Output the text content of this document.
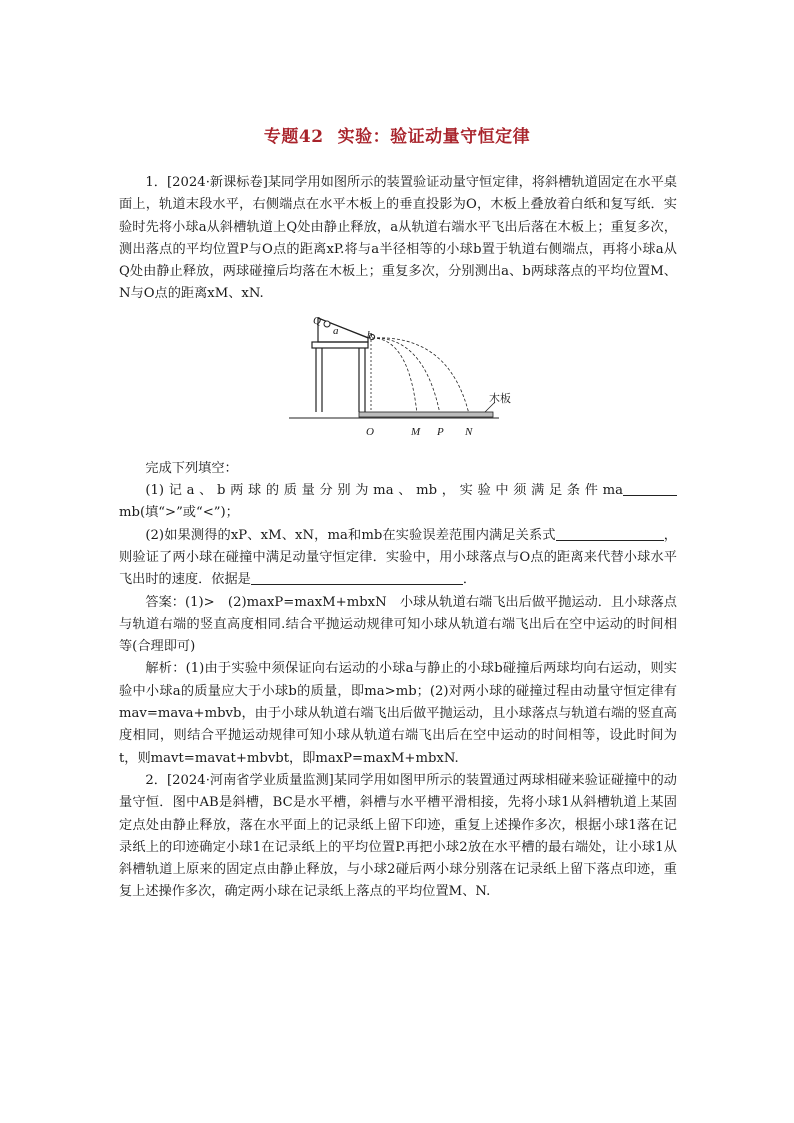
专题42 实验：验证动量守恒定律

1．[2024·新课标卷]某同学用如图所示的装置验证动量守恒定律，将斜槽轨道固定在水平桌面上，轨道末段水平，右侧端点在水平木板上的垂直投影为O，木板上叠放着白纸和复写纸．实验时先将小球a从斜槽轨道上Q处由静止释放，a从轨道右端水平飞出后落在木板上；重复多次，测出落点的平均位置P与O点的距离xP.将与a半径相等的小球b置于轨道右侧端点，再将小球a从Q处由静止释放，两球碰撞后均落在木板上；重复多次，分别测出a、b两球落点的平均位置M、N与O点的距离xM、xN.

Q
a	b
O	M P N
木板

完成下列填空：

(1)记a、b两球的质量分别为ma、mb，实验中须满足条件mamb(填“>”或“<”)；

(2)如果测得的xP、xM、xN，ma和mb在实验误差范围内满足关系式	，则验证了两小球在碰撞中满足动量守恒定律．实验中，用小球落点与O点的距离来代替小球水平飞出时的速度．依据是	．

答案：(1)>　(2)maxP=maxM+mbxN　小球从轨道右端飞出后做平抛运动．且小球落点与轨道右端的竖直高度相同.结合平抛运动规律可知小球从轨道右端飞出后在空中运动的时间相等(合理即可)

解析：(1)由于实验中须保证向右运动的小球a与静止的小球b碰撞后两球均向右运动，则实验中小球a的质量应大于小球b的质量，即ma>mb；(2)对两小球的碰撞过程由动量守恒定律有mav=mava+mbvb，由于小球从轨道右端飞出后做平抛运动，且小球落点与轨道右端的竖直高度相同，则结合平抛运动规律可知小球从轨道右端飞出后在空中运动的时间相等，设此时间为t，则mavt=mavat+mbvbt，即maxP=maxM+mbxN.

2．[2024·河南省学业质量监测]某同学用如图甲所示的装置通过两球相碰来验证碰撞中的动量守恒．图中AB是斜槽，BC是水平槽，斜槽与水平槽平滑相接，先将小球1从斜槽轨道上某固定点处由静止释放，落在水平面上的记录纸上留下印迹，重复上述操作多次，根据小球1落在记录纸上的印迹确定小球1在记录纸上的平均位置P.再把小球2放在水平槽的最右端处，让小球1从斜槽轨道上原来的固定点由静止释放，与小球2碰后两小球分别落在记录纸上留下落点印迹，重复上述操作多次，确定两小球在记录纸上落点的平均位置M、N.
